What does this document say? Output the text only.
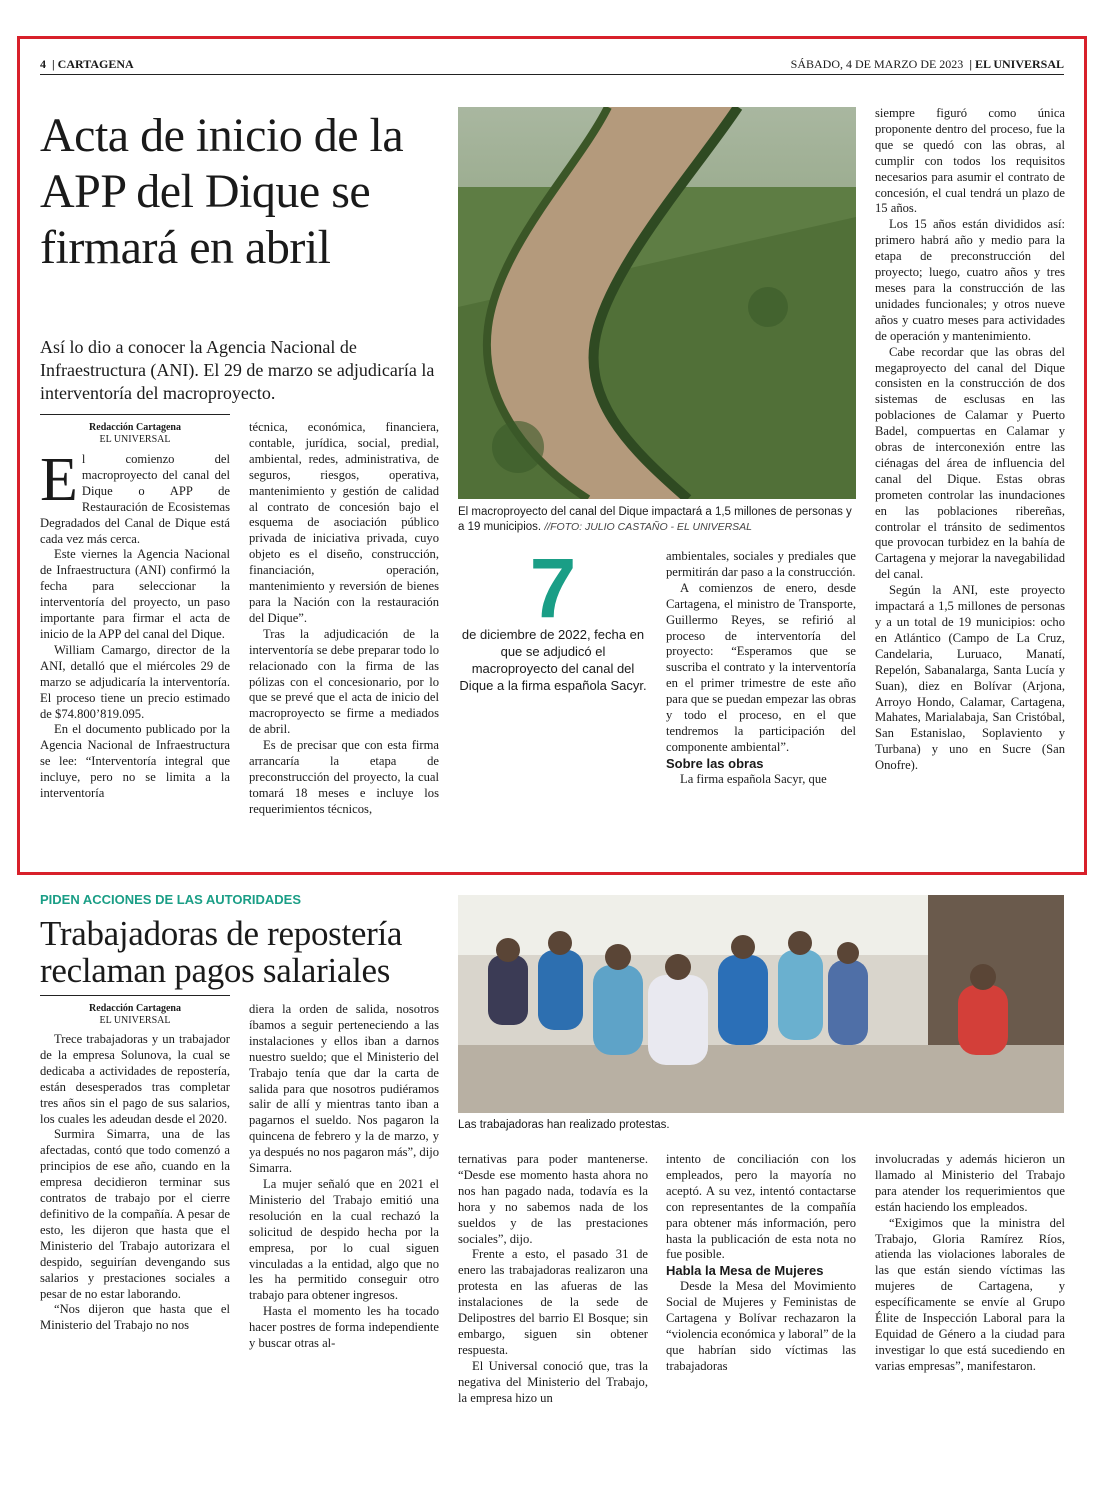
4  | CARTAGENA	SÁBADO, 4 DE MARZO DE 2023  | EL UNIVERSAL
Acta de inicio de la APP del Dique se firmará en abril
Así lo dio a conocer la Agencia Nacional de Infraestructura (ANI). El 29 de marzo se adjudicaría la interventoría del macroproyecto.
Redacción Cartagena
EL UNIVERSAL

El comienzo del macroproyecto del canal del Dique o APP de Restauración de Ecosistemas Degradados del Canal de Dique está cada vez más cerca.

Este viernes la Agencia Nacional de Infraestructura (ANI) confirmó la fecha para seleccionar la interventoría del proyecto, un paso importante para firmar el acta de inicio de la APP del canal del Dique.

William Camargo, director de la ANI, detalló que el miércoles 29 de marzo se adjudicaría la interventoría. El proceso tiene un precio estimado de $74.800’819.095.

En el documento publicado por la Agencia Nacional de Infraestructura se lee: “Interventoría integral que incluye, pero no se limita a la interventoría

técnica, económica, financiera, contable, jurídica, social, predial, ambiental, redes, administrativa, de seguros, riesgos, operativa, mantenimiento y gestión de calidad al contrato de concesión bajo el esquema de asociación público privada de iniciativa privada, cuyo objeto es el diseño, construcción, financiación, operación, mantenimiento y reversión de bienes para la Nación con la restauración del Dique”.

Tras la adjudicación de la interventoría se debe preparar todo lo relacionado con la firma de las pólizas con el concesionario, por lo que se prevé que el acta de inicio del macroproyecto se firme a mediados de abril.

Es de precisar que con esta firma arrancaría la etapa de preconstrucción del proyecto, la cual tomará 18 meses e incluye los requerimientos técnicos,

El macroproyecto del canal del Dique impactará a 1,5 millones de personas y a 19 municipios. //FOTO: JULIO CASTAÑO - EL UNIVERSAL
7
de diciembre de 2022, fecha en que se adjudicó el macroproyecto del canal del Dique a la firma española Sacyr.

ambientales, sociales y prediales que permitirán dar paso a la construcción.

A comienzos de enero, desde Cartagena, el ministro de Transporte, Guillermo Reyes, se refirió al proceso de interventoría del proyecto: “Esperamos que se suscriba el contrato y la interventoría en el primer trimestre de este año para que se puedan empezar las obras y todo el proceso, en el que tendremos la participación del componente ambiental”.

Sobre las obras

La firma española Sacyr, que

siempre figuró como única proponente dentro del proceso, fue la que se quedó con las obras, al cumplir con todos los requisitos necesarios para asumir el contrato de concesión, el cual tendrá un plazo de 15 años.

Los 15 años están divididos así: primero habrá año y medio para la etapa de preconstrucción del proyecto; luego, cuatro años y tres meses para la construcción de las unidades funcionales; y otros nueve años y cuatro meses para actividades de operación y mantenimiento.

Cabe recordar que las obras del megaproyecto del canal del Dique consisten en la construcción de dos sistemas de esclusas en las poblaciones de Calamar y Puerto Badel, compuertas en Calamar y obras de interconexión entre las ciénagas del área de influencia del canal del Dique. Estas obras prometen controlar las inundaciones en las poblaciones ribereñas, controlar el tránsito de sedimentos que provocan turbidez en la bahía de Cartagena y mejorar la navegabilidad del canal.

Según la ANI, este proyecto impactará a 1,5 millones de personas y a un total de 19 municipios: ocho en Atlántico (Campo de La Cruz, Candelaria, Luruaco, Manatí, Repelón, Sabanalarga, Santa Lucía y Suan), diez en Bolívar (Arjona, Arroyo Hondo, Calamar, Cartagena, Mahates, Marialabaja, San Cristóbal, San Estanislao, Soplaviento y Turbana) y uno en Sucre (San Onofre).

PIDEN ACCIONES DE LAS AUTORIDADES
Trabajadoras de repostería reclaman pagos salariales
Redacción Cartagena
EL UNIVERSAL
Las trabajadoras han realizado protestas.

Trece trabajadoras y un trabajador de la empresa Solunova, la cual se dedicaba a actividades de repostería, están desesperados tras completar tres años sin el pago de sus salarios, los cuales les adeudan desde el 2020.

Surmira Simarra, una de las afectadas, contó que todo comenzó a principios de ese año, cuando en la empresa decidieron terminar sus contratos de trabajo por el cierre definitivo de la compañía. A pesar de esto, les dijeron que hasta que el Ministerio del Trabajo autorizara el despido, seguirían devengando sus salarios y prestaciones sociales a pesar de no estar laborando.

“Nos dijeron que hasta que el Ministerio del Trabajo no nos

diera la orden de salida, nosotros íbamos a seguir perteneciendo a las instalaciones y ellos iban a darnos nuestro sueldo; que el Ministerio del Trabajo tenía que dar la carta de salida para que nosotros pudiéramos salir de allí y mientras tanto iban a pagarnos el sueldo. Nos pagaron la quincena de febrero y la de marzo, y ya después no nos pagaron más”, dijo Simarra.

La mujer señaló que en 2021 el Ministerio del Trabajo emitió una resolución en la cual rechazó la solicitud de despido hecha por la empresa, por lo cual siguen vinculadas a la entidad, algo que no les ha permitido conseguir otro trabajo para obtener ingresos.

Hasta el momento les ha tocado hacer postres de forma independiente y buscar otras al-

ternativas para poder mantenerse. “Desde ese momento hasta ahora no nos han pagado nada, todavía es la hora y no sabemos nada de los sueldos y de las prestaciones sociales”, dijo.

Frente a esto, el pasado 31 de enero las trabajadoras realizaron una protesta en las afueras de las instalaciones de la sede de Delipostres del barrio El Bosque; sin embargo, siguen sin obtener respuesta.

El Universal conoció que, tras la negativa del Ministerio del Trabajo, la empresa hizo un

intento de conciliación con los empleados, pero la mayoría no aceptó. A su vez, intentó contactarse con representantes de la compañía para obtener más información, pero hasta la publicación de esta nota no fue posible.

Habla la Mesa de Mujeres

Desde la Mesa del Movimiento Social de Mujeres y Feministas de Cartagena y Bolívar rechazaron la “violencia económica y laboral” de la que habrían sido víctimas las trabajadoras

involucradas y además hicieron un llamado al Ministerio del Trabajo para atender los requerimientos que están haciendo los empleados.

“Exigimos que la ministra del Trabajo, Gloria Ramírez Ríos, atienda las violaciones laborales de las que están siendo víctimas las mujeres de Cartagena, y específicamente se envíe al Grupo Élite de Inspección Laboral para la Equidad de Género a la ciudad para investigar lo que está sucediendo en varias empresas”, manifestaron.
